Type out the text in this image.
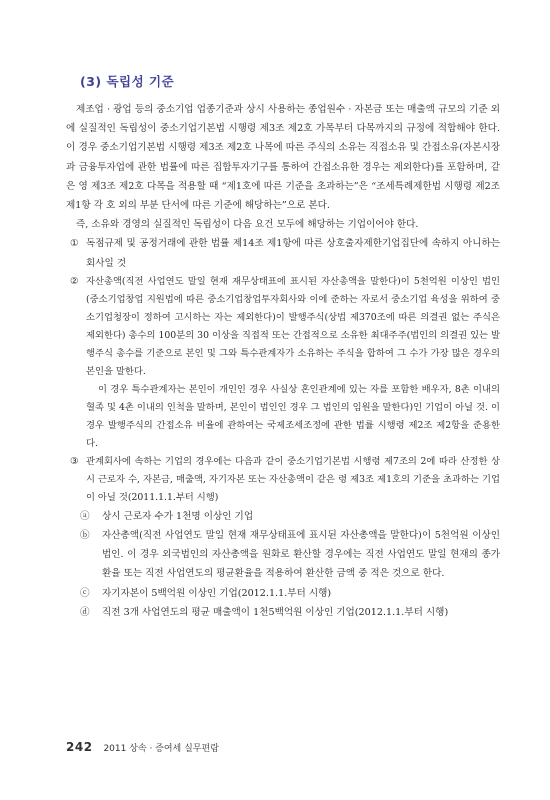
(3) 독립성 기준

제조업 · 광업 등의 중소기업 업종기준과 상시 사용하는 종업원수 · 자본금 또는 매출액 규모의 기준 외에 실질적인 독립성이 중소기업기본법 시행령 제3조 제2호 가목부터 다목까지의 규정에 적합해야 한다. 이 경우 중소기업기본법 시행령 제3조 제2호 나목에 따른 주식의 소유는 직접소유 및 간접소유(자본시장과 금융투자업에 관한 법률에 따른 집합투자기구를 통하여 간접소유한 경우는 제외한다)를 포함하며, 같은 영 제3조 제2호 다목을 적용할 때 “제1호에 따른 기준을 초과하는”은 “조세특례제한법 시행령 제2조 제1항 각 호 외의 부분 단서에 따른 기준에 해당하는”으로 본다.

즉, 소유와 경영의 실질적인 독립성이 다음 요건 모두에 해당하는 기업이어야 한다.

① 독점규제 및 공정거래에 관한 법률 제14조 제1항에 따른 상호출자제한기업집단에 속하지 아니하는 회사일 것
② 자산총액(직전 사업연도 말일 현재 재무상태표에 표시된 자산총액을 말한다)이 5천억원 이상인 법인(중소기업창업 지원법에 따른 중소기업창업투자회사와 이에 준하는 자로서 중소기업 육성을 위하여 중소기업청장이 정하여 고시하는 자는 제외한다)이 발행주식(상법 제370조에 따른 의결권 없는 주식은 제외한다) 총수의 100분의 30 이상을 직접적 또는 간접적으로 소유한 최대주주(법인의 의결권 있는 발행주식 총수를 기준으로 본인 및 그와 특수관계자가 소유하는 주식을 합하여 그 수가 가장 많은 경우의 본인을 말한다.

이 경우 특수관계자는 본인이 개인인 경우 사실상 혼인관계에 있는 자를 포함한 배우자, 8촌 이내의 혈족 및 4촌 이내의 인척을 말하며, 본인이 법인인 경우 그 법인의 임원을 말한다)인 기업이 아닐 것. 이 경우 발행주식의 간접소유 비율에 관하여는 국제조세조정에 관한 법률 시행령 제2조 제2항을 준용한다.

③ 관계회사에 속하는 기업의 경우에는 다음과 같이 중소기업기본법 시행령 제7조의 2에 따라 산정한 상시 근로자 수, 자본금, 매출액, 자기자본 또는 자산총액이 같은 령 제3조 제1호의 기준을 초과하는 기업이 아닐 것(2011.1.1.부터 시행)
ⓐ 상시 근로자 수가 1천명 이상인 기업
ⓑ 자산총액(직전 사업연도 말일 현재 재무상태표에 표시된 자산총액을 말한다)이 5천억원 이상인 법인. 이 경우 외국법인의 자산총액을 원화로 환산할 경우에는 직전 사업연도 말일 현재의 종가환율 또는 직전 사업연도의 평균환율을 적용하여 환산한 금액 중 적은 것으로 한다.
ⓒ 자기자본이 5백억원 이상인 기업(2012.1.1.부터 시행)
ⓓ 직전 3개 사업연도의 평균 매출액이 1천5백억원 이상인 기업(2012.1.1.부터 시행)
242 2011 상속 · 증여세 실무편람
